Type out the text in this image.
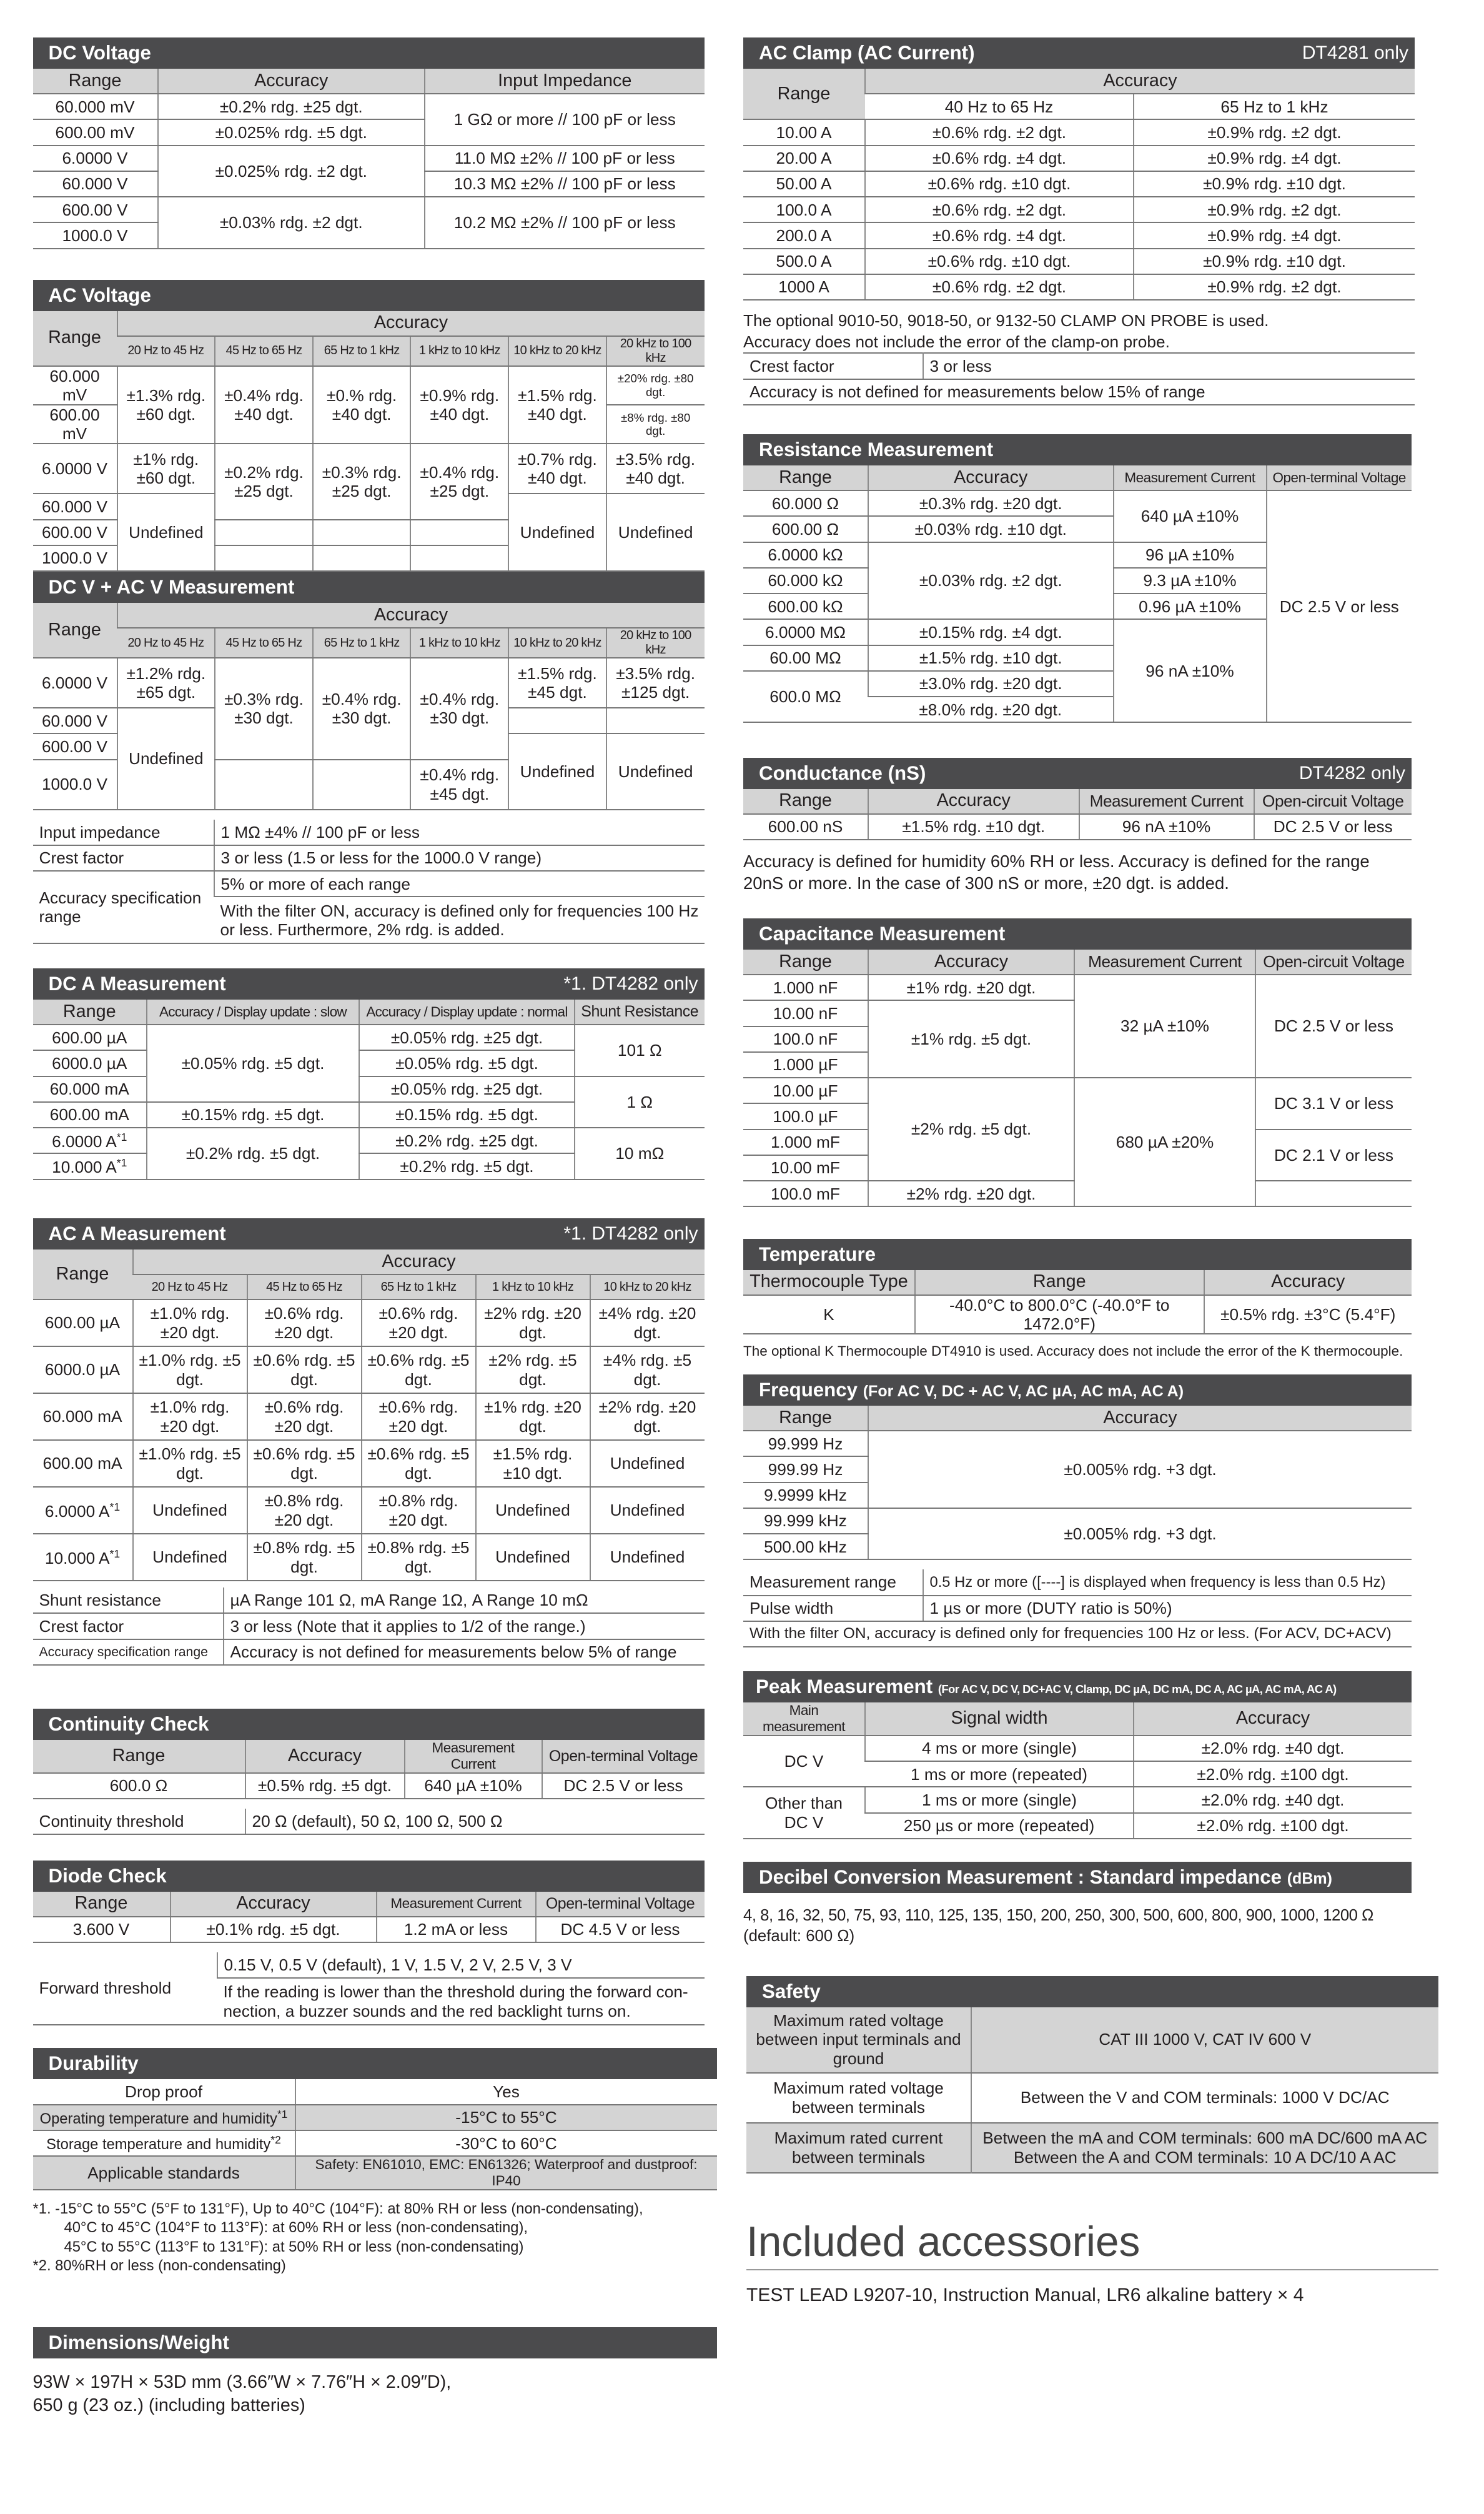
DC Voltage
Range	Accuracy	Input Impedance
60.000 mV	±0.2% rdg. ±25 dgt.	1 GΩ or more // 100 pF or less
600.00 mV	±0.025% rdg. ±5 dgt.	
6.0000 V	±0.025% rdg. ±2 dgt.	11.0 MΩ ±2% // 100 pF or less
60.000 V		10.3 MΩ ±2% // 100 pF or less
600.00 V	±0.03% rdg. ±2 dgt.	10.2 MΩ ±2% // 100 pF or less
1000.0 V		
AC Voltage
Range	Accuracy					
	20 Hz to 45 Hz	45 Hz to 65 Hz	65 Hz to 1 kHz	1 kHz to 10 kHz	10 kHz to 20 kHz	20 kHz to 100 kHz
60.000 mV	±1.3% rdg. ±60 dgt.	±0.4% rdg. ±40 dgt.	±0.% rdg. ±40 dgt.	±0.9% rdg. ±40 dgt.	±1.5% rdg. ±40 dgt.	±20% rdg. ±80 dgt.
600.00 mV						±8% rdg. ±80 dgt.
6.0000 V	±1% rdg. ±60 dgt.	±0.2% rdg. ±25 dgt.	±0.3% rdg. ±25 dgt.	±0.4% rdg. ±25 dgt.	±0.7% rdg. ±40 dgt.	±3.5% rdg. ±40 dgt.
60.000 V	Undefined				Undefined	Undefined
600.00 V						
1000.0 V						
DC V + AC V Measurement
Range	Accuracy					
	20 Hz to 45 Hz	45 Hz to 65 Hz	65 Hz to 1 kHz	1 kHz to 10 kHz	10 kHz to 20 kHz	20 kHz to 100 kHz
6.0000 V	±1.2% rdg. ±65 dgt.	±0.3% rdg. ±30 dgt.	±0.4% rdg. ±30 dgt.	±0.4% rdg. ±30 dgt.	±1.5% rdg. ±45 dgt.	±3.5% rdg. ±125 dgt.
60.000 V	Undefined					
600.00 V					Undefined	Undefined
1000.0 V				±0.4% rdg. ±45 dgt.		
Input impedance	1 MΩ ±4% // 100 pF or less
Crest factor	3 or less (1.5 or less for the 1000.0 V range)
Accuracy specification range	5% or more of each range
	With the filter ON, accuracy is defined only for frequencies 100 Hz or less. Furthermore, 2% rdg. is added.
DC A Measurement	*1. DT4282 only
Range	Accuracy / Display update : slow	Accuracy / Display update : normal	Shunt Resistance
600.00 µA	±0.05% rdg. ±5 dgt.	±0.05% rdg. ±25 dgt.	101 Ω
6000.0 µA		±0.05% rdg. ±5 dgt.	
60.000 mA		±0.05% rdg. ±25 dgt.	1 Ω
600.00 mA	±0.15% rdg. ±5 dgt.	±0.15% rdg. ±5 dgt.	
6.0000 $A^{*1}$	±0.2% rdg. ±5 dgt.	±0.2% rdg. ±25 dgt.	10 mΩ
10.000 $A^{*1}$		±0.2% rdg. ±5 dgt.	
AC A Measurement	*1. DT4282 only
Range	Accuracy				
	20 Hz to 45 Hz	45 Hz to 65 Hz	65 Hz to 1 kHz	1 kHz to 10 kHz	10 kHz to 20 kHz
600.00 µA	±1.0% rdg. ±20 dgt.	±0.6% rdg. ±20 dgt.	±0.6% rdg. ±20 dgt.	±2% rdg. ±20 dgt.	±4% rdg. ±20 dgt.
6000.0 µA	±1.0% rdg. ±5 dgt.	±0.6% rdg. ±5 dgt.	±0.6% rdg. ±5 dgt.	±2% rdg. ±5 dgt.	±4% rdg. ±5 dgt.
60.000 mA	±1.0% rdg. ±20 dgt.	±0.6% rdg. ±20 dgt.	±0.6% rdg. ±20 dgt.	±1% rdg. ±20 dgt.	±2% rdg. ±20 dgt.
600.00 mA	±1.0% rdg. ±5 dgt.	±0.6% rdg. ±5 dgt.	±0.6% rdg. ±5 dgt.	±1.5% rdg. ±10 dgt.	Undefined
6.0000 $A^{*1}$	Undefined	±0.8% rdg. ±20 dgt.	±0.8% rdg. ±20 dgt.	Undefined	Undefined
10.000 $A^{*1}$	Undefined	±0.8% rdg. ±5 dgt.	±0.8% rdg. ±5 dgt.	Undefined	Undefined
Shunt resistance	µA Range 101 Ω, mA Range 1Ω, A Range 10 mΩ
Crest factor	3 or less (Note that it applies to 1/2 of the range.)
Accuracy specification range	Accuracy is not defined for measurements below 5% of range
Continuity Check
Range	Accuracy	Measurement Current	Open-terminal Voltage
600.0 Ω	±0.5% rdg. ±5 dgt.	640 µA ±10%	DC 2.5 V or less
Continuity threshold	20 Ω (default), 50 Ω, 100 Ω, 500 Ω
Diode Check
Range	Accuracy	Measurement Current	Open-terminal Voltage
3.600 V	±0.1% rdg. ±5 dgt.	1.2 mA or less	DC 4.5 V or less
Forward threshold	0.15 V, 0.5 V (default), 1 V, 1.5 V, 2 V, 2.5 V, 3 V
If the reading is lower than the threshold during the forward con-nection, a buzzer sounds and the red backlight turns on.
Durability
Drop proof	Yes
Operating temperature and humidity$^{*1}$	-15°C to 55°C
Storage temperature and humidity$^{*2}$	-30°C to 60°C
Applicable standards	Safety: EN61010, EMC: EN61326; Waterproof and dustproof: IP40
*1. -15°C to 55°C (5°F to 131°F), Up to 40°C (104°F): at 80% RH or less (non-condensating),
40°C to 45°C (104°F to 113°F): at 60% RH or less (non-condensating),
45°C to 55°C (113°F to 131°F): at 50% RH or less (non-condensating)
*2. 80%RH or less (non-condensating)
Dimensions/Weight
93W × 197H × 53D mm (3.66″W × 7.76″H × 2.09″D),
650 g (23 oz.) (including batteries)
AC Clamp (AC Current)	DT4281 only
Range	Accuracy	
	40 Hz to 65 Hz	65 Hz to 1 kHz
10.00 A	±0.6% rdg. ±2 dgt.	±0.9% rdg. ±2 dgt.
20.00 A	±0.6% rdg. ±4 dgt.	±0.9% rdg. ±4 dgt.
50.00 A	±0.6% rdg. ±10 dgt.	±0.9% rdg. ±10 dgt.
100.0 A	±0.6% rdg. ±2 dgt.	±0.9% rdg. ±2 dgt.
200.0 A	±0.6% rdg. ±4 dgt.	±0.9% rdg. ±4 dgt.
500.0 A	±0.6% rdg. ±10 dgt.	±0.9% rdg. ±10 dgt.
1000 A	±0.6% rdg. ±2 dgt.	±0.9% rdg. ±2 dgt.
The optional 9010-50, 9018-50, or 9132-50 CLAMP ON PROBE is used.
Accuracy does not include the error of the clamp-on probe.
Crest factor	3 or less
Accuracy is not defined for measurements below 15% of range
Resistance Measurement
Range	Accuracy	Measurement Current	Open-terminal Voltage
60.000 Ω	±0.3% rdg. ±20 dgt.	640 µA ±10%	DC 2.5 V or less
600.00 Ω	±0.03% rdg. ±10 dgt.		
6.0000 kΩ	±0.03% rdg. ±2 dgt.	96 µA ±10%	
60.000 kΩ		9.3 µA ±10%	
600.00 kΩ		0.96 µA ±10%	
6.0000 MΩ	±0.15% rdg. ±4 dgt.	96 nA ±10%	
60.00 MΩ	±1.5% rdg. ±10 dgt.		
600.0 MΩ	±3.0% rdg. ±20 dgt.		
	±8.0% rdg. ±20 dgt.		
Conductance (nS)	DT4282 only
Range	Accuracy	Measurement Current	Open-circuit Voltage
600.00 nS	±1.5% rdg. ±10 dgt.	96 nA ±10%	DC 2.5 V or less
Accuracy is defined for humidity 60% RH or less. Accuracy is defined for the range 20nS or more. In the case of 300 nS or more, ±20 dgt. is added.
Capacitance Measurement
Range	Accuracy	Measurement Current	Open-circuit Voltage
1.000 nF	±1% rdg. ±20 dgt.	32 µA ±10%	DC 2.5 V or less
10.00 nF	±1% rdg. ±5 dgt.		
100.0 nF			
1.000 µF			
10.00 µF	±2% rdg. ±5 dgt.	680 µA ±20%	DC 3.1 V or less
100.0 µF			
1.000 mF			DC 2.1 V or less
10.00 mF			
100.0 mF	±2% rdg. ±20 dgt.		
Temperature
Thermocouple Type	Range	Accuracy
K	-40.0°C to 800.0°C (-40.0°F to 1472.0°F)	±0.5% rdg. ±3°C (5.4°F)
The optional K Thermocouple DT4910 is used. Accuracy does not include the error of the K thermocouple.
Frequency (For AC V, DC + AC V, AC µA, AC mA, AC A)
Range	Accuracy
99.999 Hz	±0.005% rdg. +3 dgt.
999.99 Hz	
9.9999 kHz	
99.999 kHz	±0.005% rdg. +3 dgt.
500.00 kHz	
Measurement range	0.5 Hz or more ([----] is displayed when frequency is less than 0.5 Hz)
Pulse width	1 µs or more (DUTY ratio is 50%)
With the filter ON, accuracy is defined only for frequencies 100 Hz or less. (For ACV, DC+ACV)	
Peak Measurement (For AC V, DC V, DC+AC V, Clamp, DC µA, DC mA, DC A, AC µA, AC mA, AC A)
Main measurement	Signal width	Accuracy
DC V	4 ms or more (single)	±2.0% rdg. ±40 dgt.
	1 ms or more (repeated)	±2.0% rdg. ±100 dgt.
Other than DC V	1 ms or more (single)	±2.0% rdg. ±40 dgt.
	250 µs or more (repeated)	±2.0% rdg. ±100 dgt.
Decibel Conversion Measurement : Standard impedance (dBm)
4, 8, 16, 32, 50, 75, 93, 110, 125, 135, 150, 200, 250, 300, 500, 600, 800, 900, 1000, 1200 Ω
(default: 600 Ω)
Safety
Maximum rated voltage between input terminals and ground	CAT III 1000 V, CAT IV 600 V
Maximum rated voltage between terminals	Between the V and COM terminals: 1000 V DC/AC
Maximum rated current between terminals	Between the mA and COM terminals: 600 mA DC/600 mA AC
Between the A and COM terminals: 10 A DC/10 A AC
Included accessories
TEST LEAD L9207-10, Instruction Manual, LR6 alkaline battery × 4
